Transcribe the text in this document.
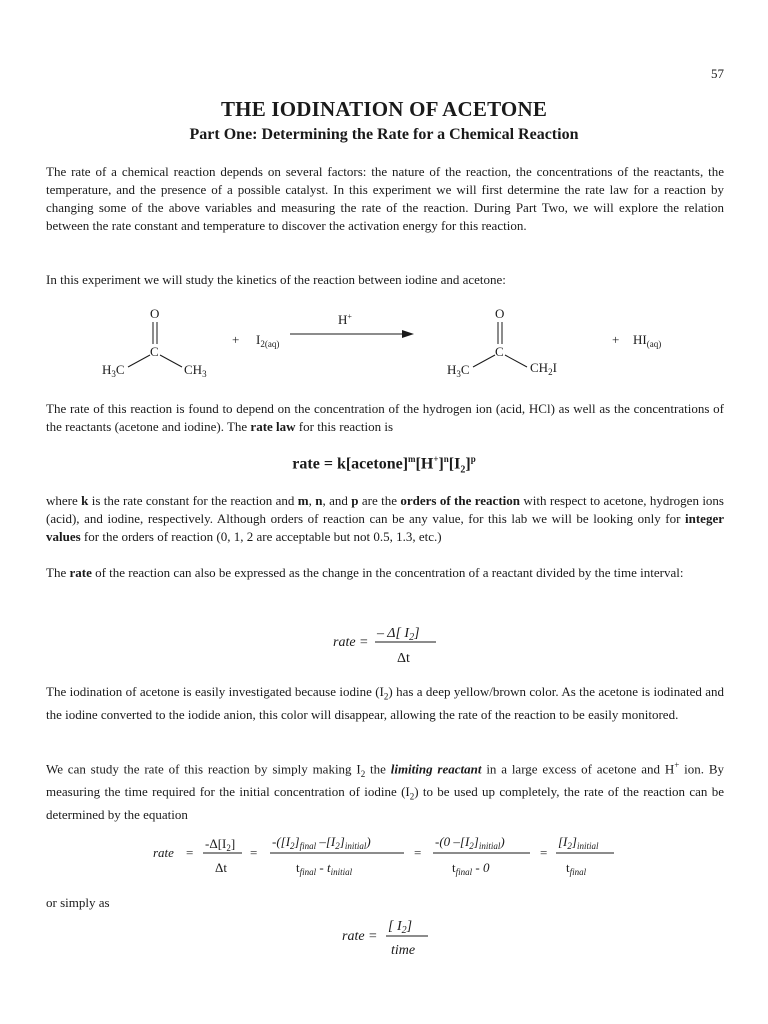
57
THE IODINATION OF ACETONE
Part One: Determining the Rate for a Chemical Reaction
The rate of a chemical reaction depends on several factors: the nature of the reaction, the concentrations of the reactants, the temperature, and the presence of a possible catalyst. In this experiment we will first determine the rate law for a reaction by changing some of the above variables and measuring the rate of the reaction. During Part Two, we will explore the relation between the rate constant and temperature to discover the activation energy for this reaction.
In this experiment we will study the kinetics of the reaction between iodine and acetone:
O
C
$H_3C$	$CH_3$
+ $I_{2(aq)}$
H+	O
C
$H_3C$	$CH_2I$
+ $HI_{(aq)}$
The rate of this reaction is found to depend on the concentration of the hydrogen ion (acid, HCl) as well as the concentrations of the reactants (acetone and iodine). The rate law for this reaction is
rate = $k[acetone]^m[H^+]^n[I_2]^p$
where k is the rate constant for the reaction and m, n, and p are the orders of the reaction with respect to acetone, hydrogen ions (acid), and iodine, respectively. Although orders of reaction can be any value, for this lab we will be looking only for integer values for the orders of reaction (0, 1, 2 are acceptable but not 0.5, 1.3, etc.)
The rate of the reaction can also be expressed as the change in the concentration of a reactant divided by the time interval:
rate =
– Δ[ $I_2$]
Δt
The iodination of acetone is easily investigated because iodine $(I_2)$ has a deep yellow/brown color. As the acetone is iodinated and the iodine converted to the iodide anion, this color will disappear, allowing the rate of the reaction to be easily monitored.
We can study the rate of this reaction by simply making $I_2$ the limiting reactant in a large excess of acetone and H+ ion. By measuring the time required for the initial concentration of iodine $(I_2)$ to be used up completely, the rate of the reaction can be determined by the equation
rate =
$-\Delta[I_2]$
Δt
=
$-([I_2]_{final}$ $-[I_2]_{initial}$)
$t_{final} - t_{initial}$
=
-(0 $-[I_2]_{initial}$)
$t_{final} - 0$
=
$[I_2]_{initial}$
$t_{final}$
or simply as
rate =
[ $I_2$]
time
